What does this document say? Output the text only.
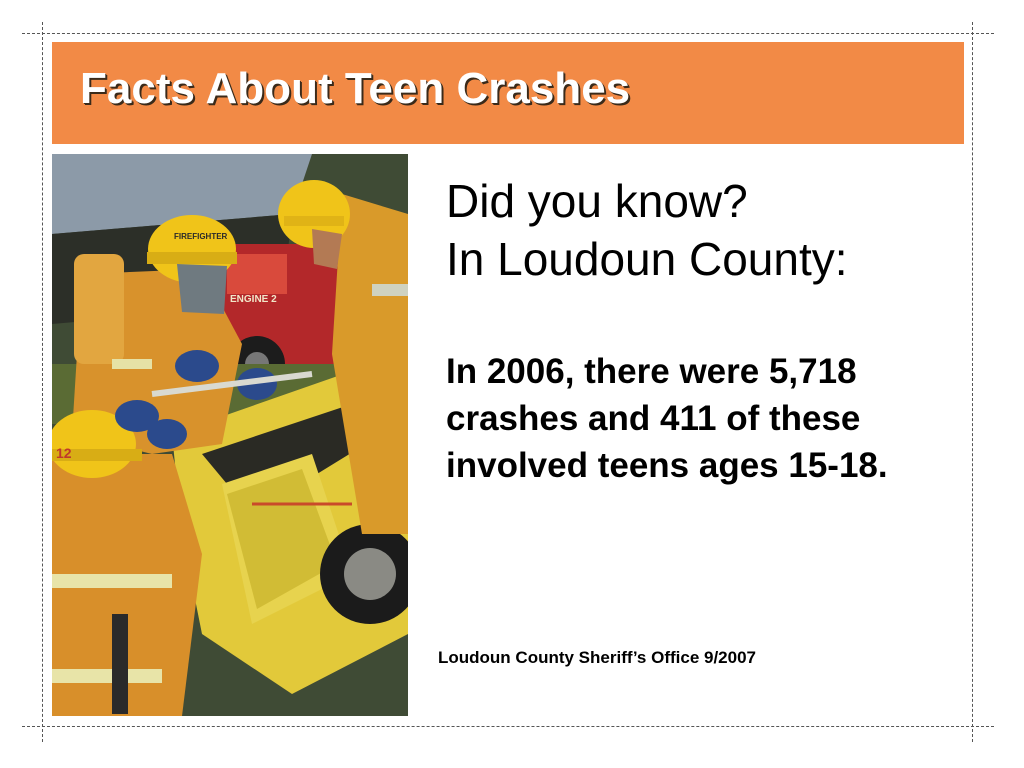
Facts About Teen Crashes
ENGINE 2
FIREFIGHTER
12
Did you know?
In Loudoun County:
In 2006, there were 5,718 crashes and 411 of these involved teens ages 15-18.
Loudoun County Sheriff’s Office 9/2007
